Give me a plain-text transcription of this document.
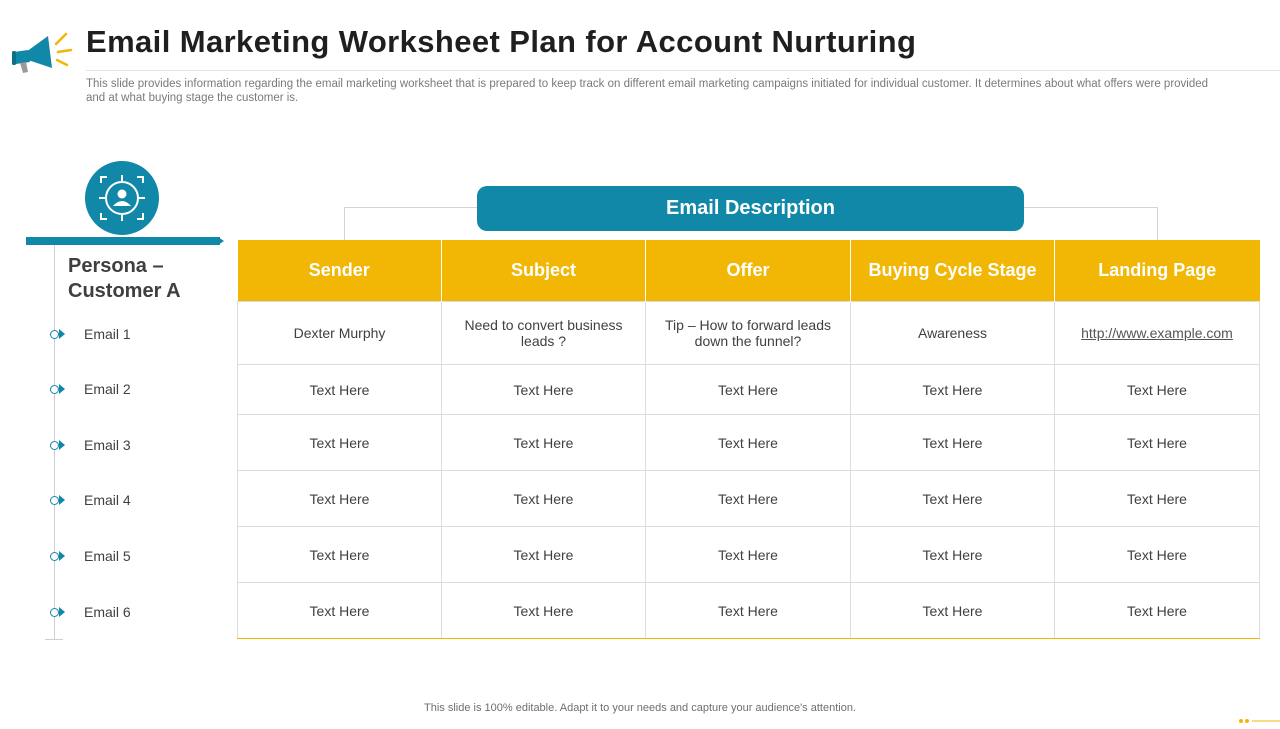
Email Marketing Worksheet Plan for Account Nurturing
This slide provides information regarding the email marketing worksheet that is prepared to keep track on different email marketing campaigns initiated for individual customer. It determines about what offers were provided and at what buying stage the customer is.
Persona – Customer A
Email 1
Email 2
Email 3
Email 4
Email 5
Email 6
Email Description
Sender	Subject	Offer	Buying Cycle Stage	Landing Page
Dexter Murphy	Need to convert business leads ?	Tip – How to forward leads down the funnel?	Awareness	http://www.example.com
Text Here	Text Here	Text Here	Text Here	Text Here
Text Here	Text Here	Text Here	Text Here	Text Here
Text Here	Text Here	Text Here	Text Here	Text Here
Text Here	Text Here	Text Here	Text Here	Text Here
Text Here	Text Here	Text Here	Text Here	Text Here
This slide is 100% editable. Adapt it to your needs and capture your audience's attention.
